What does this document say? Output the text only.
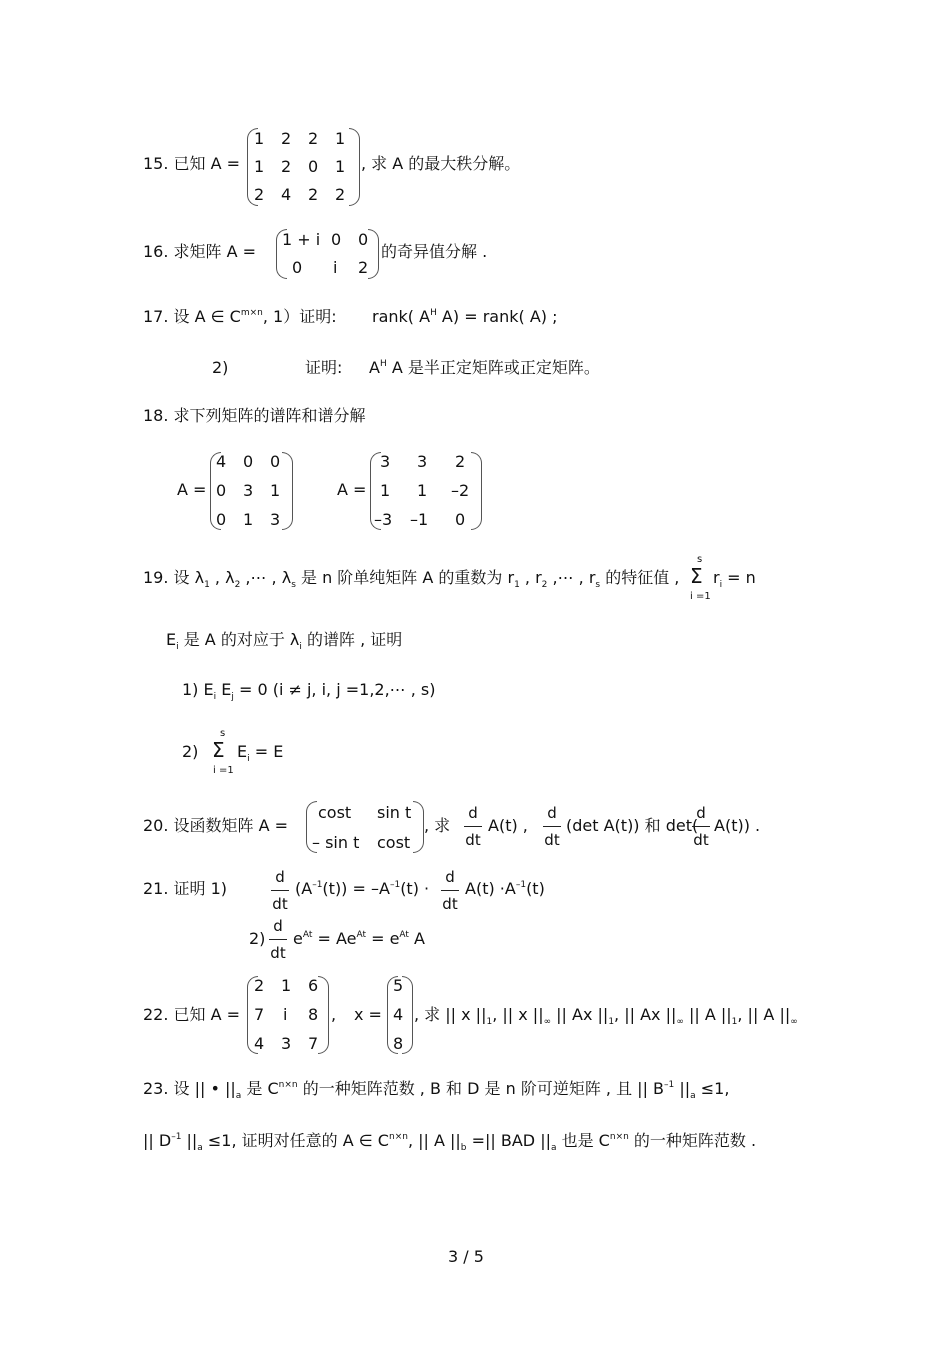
15. 已知 A =
1 2 2 1
1 2 0 1
2 4 2 2
, 求 A 的最大秩分解。
16. 求矩阵 A =
1 + i 0 0
0 i 2
的奇异值分解 .
17. 设 A ∈ $C^{m\times n}$, 1）证明: rank( $A^H$ A) = rank( A) ;
2)	证明: $A^H$ A 是半正定矩阵或正定矩阵。
18. 求下列矩阵的谱阵和谱分解
A =
4 0 0
0 3 1
0 1 3
A =
3 3 2
1 1 –2
–3 –1 0
19. 设 $\lambda_1$ , $\lambda_2$ ,⋯ , $\lambda_s$ 是 n 阶单纯矩阵 A 的重数为 $r_1$ , $r_2$ ,⋯ , $r_s$ 的特征值 ,
s
Σ
i =1
$r_i = n$
$E_i$ 是 A 的对应于 $\lambda_i$ 的谱阵 , 证明
1) $E_i$ $E_j = 0$ (i ≠ j, i, j =1,2,⋯ , s)
2)
s
Σ
i =1
$E_i = E$
20. 设函数矩阵 A =
cost sin t
– sin t cost
, 求
d
dt
A(t) ,
d
dt
(det A(t)) 和 det(
d
dt
A(t)) .
21. 证明 1)
d
dt
$(A^{-1}(t)) = -A^{-1}(t)$ ·
d
dt
$A(t) \cdot A^{-1}(t)$
2)
d
dt
$e^{At} = Ae^{At} = e^{At}$ A
22. 已知 A =
2 1 6
7 i 8
4 3 7
, x =
5
4
8
, 求 || x $||_1$, || x $||_\infty$ || Ax $||_1$, || Ax $||_\infty$ || A $||_1$, || A $||_\infty$
23. 设 || • $||_a$ 是 $C^{n\times n}$ 的一种矩阵范数 , B 和 D 是 n 阶可逆矩阵 , 且 || $B^{-1}$ $||_a \le 1$,
|| $D^{-1}$ $||_a \le 1$, 证明对任意的 A ∈ $C^{n\times n}$, || A $||_b$ =|| BAD $||_a$ 也是 $C^{n\times n}$ 的一种矩阵范数 .
3 / 5
